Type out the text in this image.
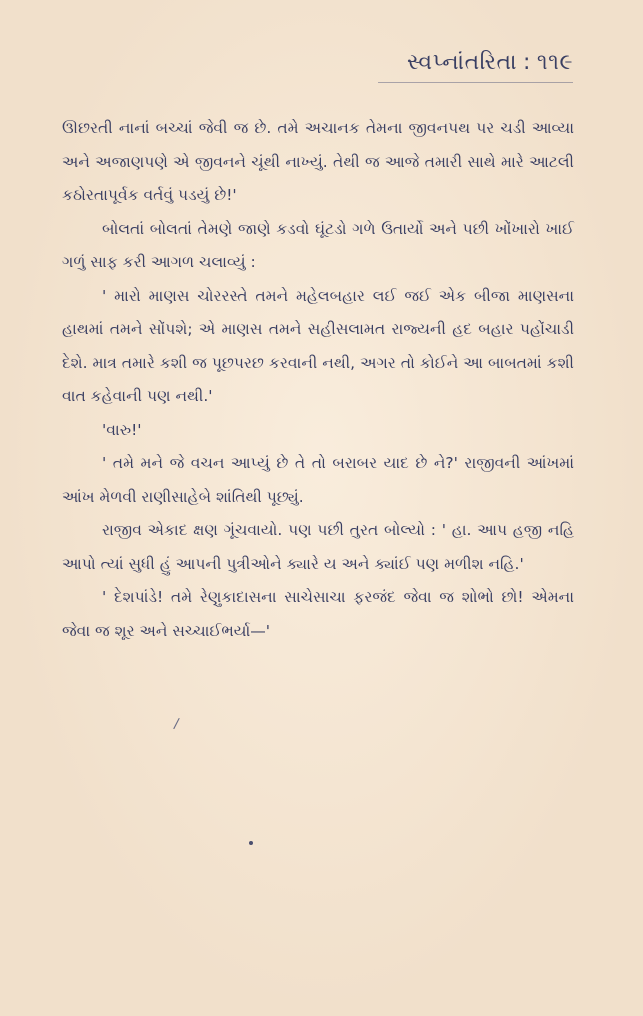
સ્વપ્નાંતરિતા : ૧૧૯

ઊછરતી નાનાં બચ્ચાં જેવી જ છે. તમે અચાનક તેમના જીવનપથ પર ચડી આવ્યા અને અજાણપણે એ જીવનને ચૂંથી નાખ્યું. તેથી જ આજે તમારી સાથે મારે આટલી કઠોરતાપૂર્વક વર્તવું પડયું છે!'

બોલતાં બોલતાં તેમણે જાણે કડવો ઘૂંટડો ગળે ઉતાર્યો અને પછી ખોંખારો ખાઈ ગળું સાફ કરી આગળ ચલાવ્યું :

' મારો માણસ ચોરરસ્તે તમને મહેલબહાર લઈ જઈ એક બીજા માણસના હાથમાં તમને સોંપશે; એ માણસ તમને સહીસલામત રાજ્યની હદ બહાર પહોંચાડી દેશે. માત્ર તમારે કશી જ પૂછપરછ કરવાની નથી, અગર તો કોઈને આ બાબતમાં કશી વાત કહેવાની પણ નથી.'

'વારુ!'

' તમે મને જે વચન આપ્યું છે તે તો બરાબર યાદ છે ને?' રાજીવની આંખમાં આંખ મેળવી રાણીસાહેબે શાંતિથી પૂછ્યું.

રાજીવ એકાદ ક્ષણ ગૂંચવાયો. પણ પછી તુરત બોલ્યો : ' હા. આપ હજી નહિ આપો ત્યાં સુધી હું આપની પુત્રીઓને ક્યારે ય અને ક્યાંઈ પણ મળીશ નહિ.'

' દેશપાંડે! તમે રેણુકાદાસના સાચેસાચા ફરજંદ જેવા જ શોભો છો! એમના જેવા જ શૂર અને સચ્ચાઈભર્યા—'

/
